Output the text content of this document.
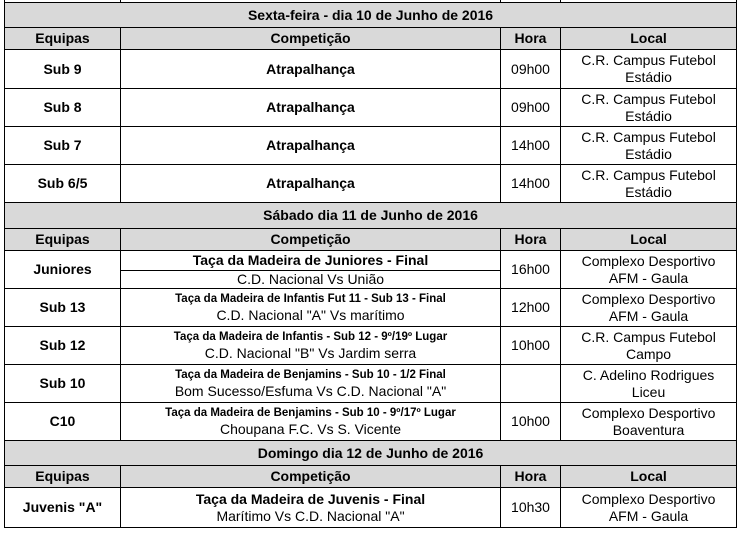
Sexta-feira - dia 10 de Junho de 2016			
Equipas	Competição	Hora	Local
Sub 9	Atrapalhança	09h00	C.R. Campus Futebol
Estádio

Sub 8	Atrapalhança	09h00	C.R. Campus Futebol
Estádio

Sub 7	Atrapalhança	14h00	C.R. Campus Futebol
Estádio

Sub 6/5	Atrapalhança	14h00	C.R. Campus Futebol
Estádio

Sábado dia 11 de Junho de 2016			
Equipas	Competição	Hora	Local
Juniores	Taça da Madeira de Juniores - Final
C.D. Nacional Vs União	16h00	Complexo Desportivo
AFM - Gaula

Sub 13	Taça da Madeira de Infantis Fut 11 - Sub 13 - Final
C.D. Nacional "A" Vs marítimo	12h00	Complexo Desportivo
AFM - Gaula

Sub 12	Taça da Madeira de Infantis - Sub 12 - 9º/19º Lugar
C.D. Nacional "B" Vs Jardim serra	10h00	C.R. Campus Futebol
Campo

Sub 10	Taça da Madeira de Benjamins - Sub 10 - 1/2 Final
Bom Sucesso/Esfuma Vs C.D. Nacional "A"		C. Adelino Rodrigues
Liceu

C10	Taça da Madeira de Benjamins - Sub 10 - 9º/17º Lugar
Choupana F.C. Vs S. Vicente	10h00	Complexo Desportivo
Boaventura

Domingo dia 12 de Junho de 2016			
Equipas	Competição	Hora	Local
Juvenis "A"	Taça da Madeira de Juvenis - Final
Marítimo Vs C.D. Nacional "A"	10h30	Complexo Desportivo
AFM - Gaula
